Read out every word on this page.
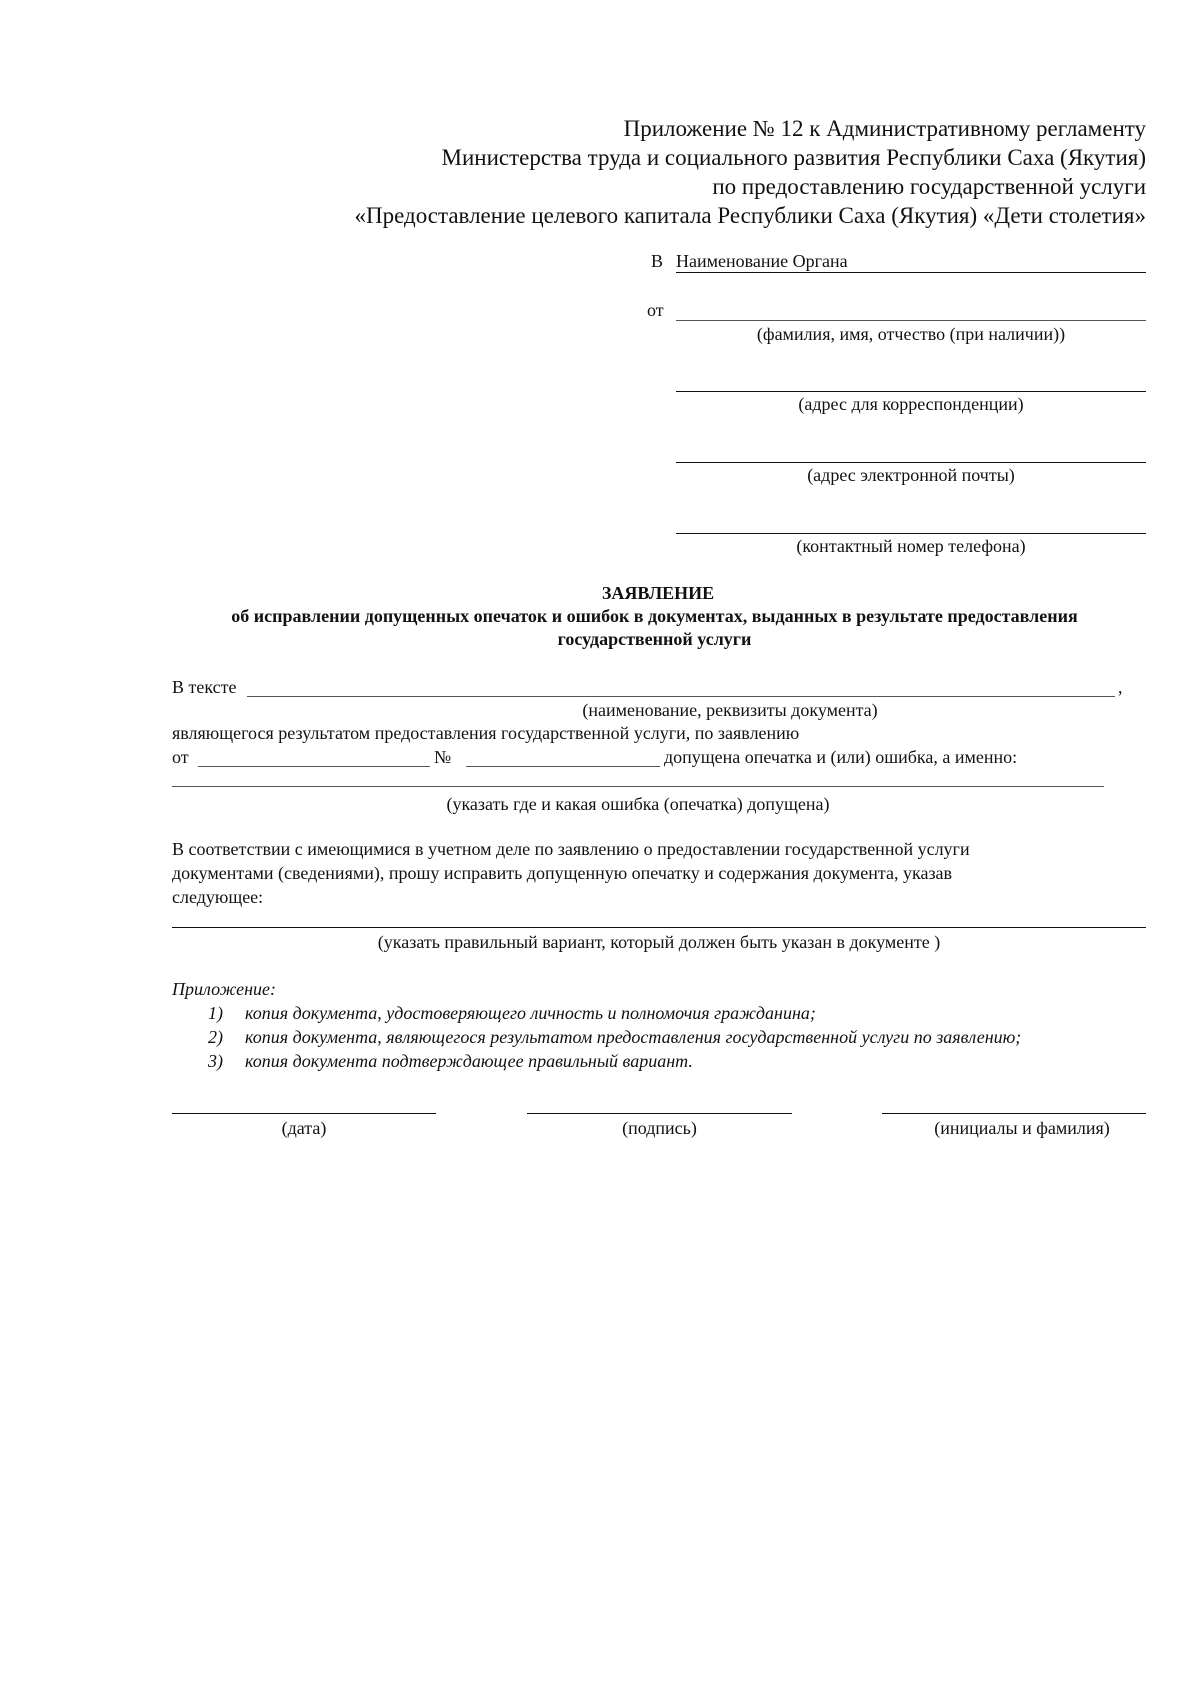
Приложение № 12 к Административному регламенту
Министерства труда и социального развития Республики Саха (Якутия)
по предоставлению государственной услуги
«Предоставление целевого капитала Республики Саха (Якутия) «Дети столетия»
В Наименование Органа
от
(фамилия, имя, отчество (при наличии))
(адрес для корреспонденции)
(адрес электронной почты)
(контактный номер телефона)
ЗАЯВЛЕНИЕ
об исправлении допущенных опечаток и ошибок в документах, выданных в результате предоставления
государственной услуги
В тексте	,
(наименование, реквизиты документа)
являющегося результатом предоставления государственной услуги, по заявлению
от	№	допущена опечатка и (или) ошибка, а именно:
(указать где и какая ошибка (опечатка) допущена)
В соответствии с имеющимися в учетном деле по заявлению о предоставлении государственной услуги
документами (сведениями), прошу исправить допущенную опечатку и содержания документа, указав
следующее:
(указать правильный вариант, который должен быть указан в документе )
Приложение:
1) копия документа, удостоверяющего личность и полномочия гражданина;
2) копия документа, являющегося результатом предоставления государственной услуги по заявлению;
3) копия документа подтверждающее правильный вариант.
(дата)	(подпись)	(инициалы и фамилия)
